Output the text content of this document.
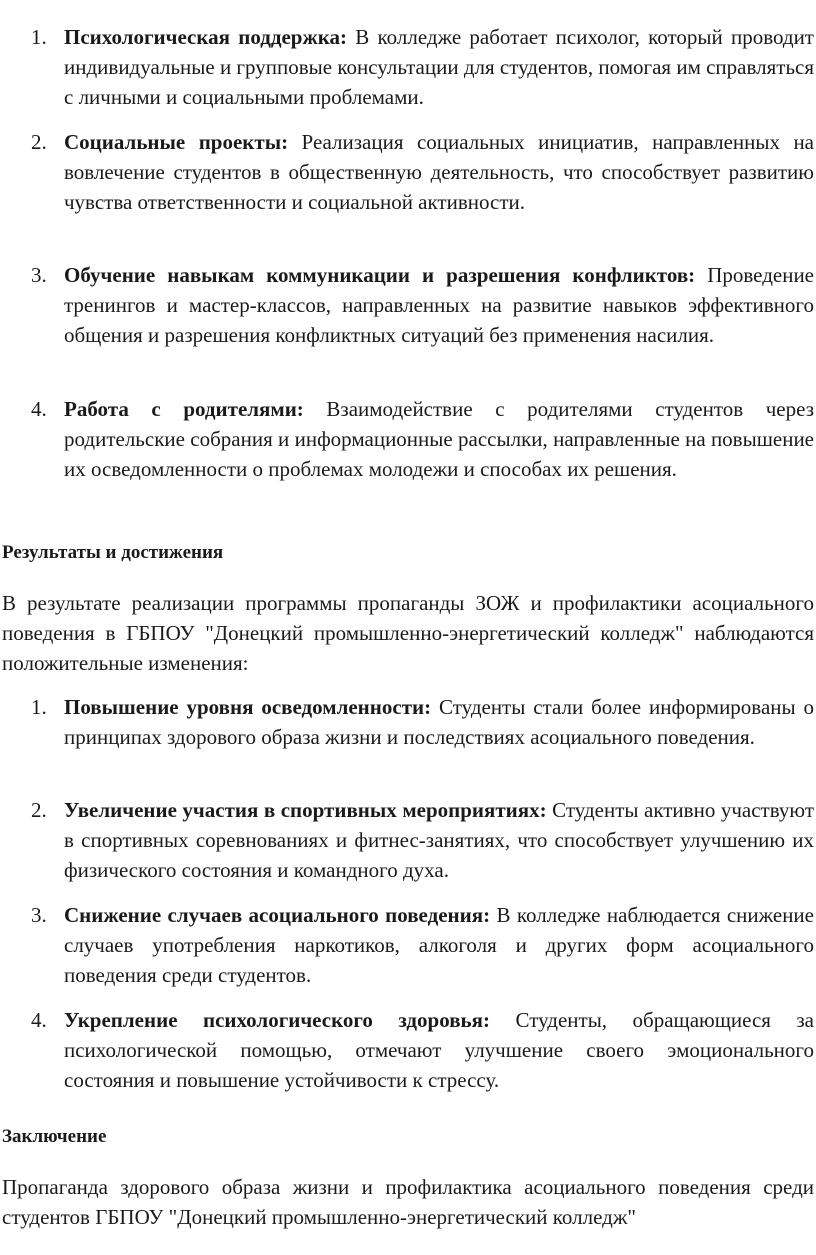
1. Психологическая поддержка: В колледже работает психолог, который проводит индивидуальные и групповые консультации для студентов, помогая им справляться с личными и социальными проблемами.
2. Социальные проекты: Реализация социальных инициатив, направленных на вовлечение студентов в общественную деятельность, что способствует развитию чувства ответственности и социальной активности.
3. Обучение навыкам коммуникации и разрешения конфликтов: Проведение тренингов и мастер-классов, направленных на развитие навыков эффективного общения и разрешения конфликтных ситуаций без применения насилия.
4. Работа с родителями: Взаимодействие с родителями студентов через родительские собрания и информационные рассылки, направленные на повышение их осведомленности о проблемах молодежи и способах их решения.
Результаты и достижения
В результате реализации программы пропаганды ЗОЖ и профилактики асоциального поведения в ГБПОУ "Донецкий промышленно-энергетический колледж" наблюдаются положительные изменения:
1. Повышение уровня осведомленности: Студенты стали более информированы о принципах здорового образа жизни и последствиях асоциального поведения.
2. Увеличение участия в спортивных мероприятиях: Студенты активно участвуют в спортивных соревнованиях и фитнес-занятиях, что способствует улучшению их физического состояния и командного духа.
3. Снижение случаев асоциального поведения: В колледже наблюдается снижение случаев употребления наркотиков, алкоголя и других форм асоциального поведения среди студентов.
4. Укрепление психологического здоровья: Студенты, обращающиеся за психологической помощью, отмечают улучшение своего эмоционального состояния и повышение устойчивости к стрессу.
Заключение
Пропаганда здорового образа жизни и профилактика асоциального поведения среди студентов ГБПОУ "Донецкий промышленно-энергетический колледж"
